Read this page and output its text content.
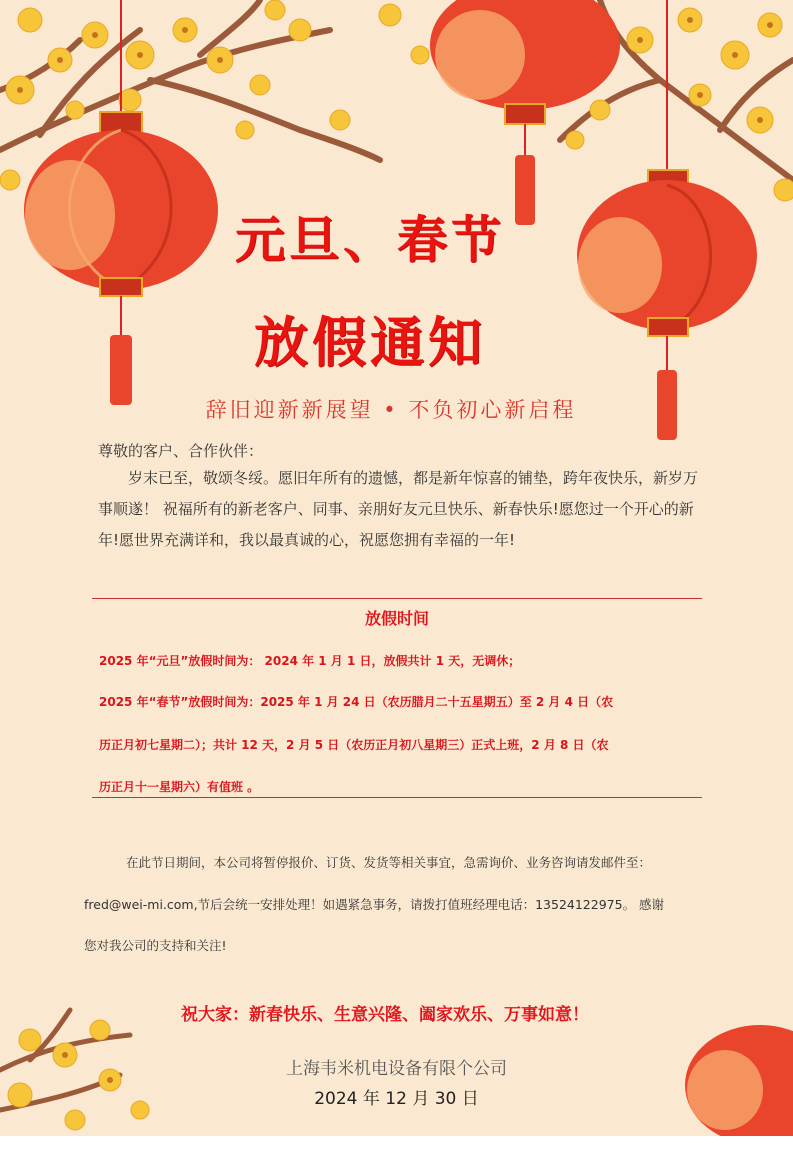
元旦、春节
放假通知
辞旧迎新新展望 • 不负初心新启程
尊敬的客户、合作伙伴：

岁末已至，敬颂冬绥。愿旧年所有的遗憾，都是新年惊喜的铺垫，跨年夜快乐，新岁万事顺遂！ 祝福所有的新老客户、同事、亲朋好友元旦快乐、新春快乐!愿您过一个开心的新年!愿世界充满详和，我以最真诚的心，祝愿您拥有幸福的一年!

放假时间
2025 年“元旦”放假时间为： 2024 年 1 月 1 日，放假共计 1 天，无调休；
2025 年“春节”放假时间为：2025 年 1 月 24 日（农历腊月二十五星期五）至 2 月 4 日（农
历正月初七星期二）；共计 12 天，2 月 5 日（农历正月初八星期三）正式上班，2 月 8 日（农
历正月十一星期六）有值班 。
在此节日期间，本公司将暂停报价、订货、发货等相关事宜，急需询价、业务咨询请发邮件至：
fred@wei-mi.com,节后会统一安排处理！如遇紧急事务，请拨打值班经理电话：13524122975。 感谢
您对我公司的支持和关注!
祝大家：新春快乐、生意兴隆、阖家欢乐、万事如意！
上海韦米机电设备有限个公司
2024 年 12 月 30 日
